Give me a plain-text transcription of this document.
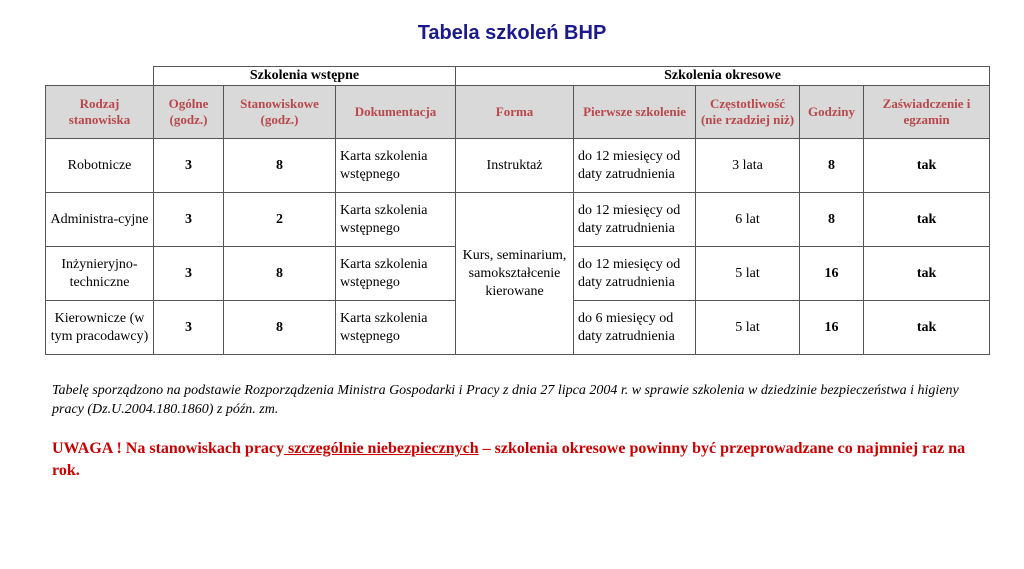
Tabela szkoleń BHP
	Szkolenia wstępne			Szkolenia okresowe				
Rodzaj stanowiska	Ogólne (godz.)	Stanowiskowe (godz.)	Dokumentacja	Forma	Pierwsze szkolenie	Częstotliwość (nie rzadziej niż)	Godziny	Zaświadczenie i egzamin
Robotnicze	3	8	Karta szkolenia wstępnego	Instruktaż	do 12 miesięcy od daty zatrudnienia	3 lata	8	tak
Administra-cyjne	3	2	Karta szkolenia wstępnego	Kurs, seminarium, samokształcenie kierowane	do 12 miesięcy od daty zatrudnienia	6 lat	8	tak
Inżynieryjno-techniczne	3	8	Karta szkolenia wstępnego		do 12 miesięcy od daty zatrudnienia	5 lat	16	tak
Kierownicze (w tym pracodawcy)	3	8	Karta szkolenia wstępnego		do 6 miesięcy od daty zatrudnienia	5 lat	16	tak
Tabelę sporządzono na podstawie Rozporządzenia Ministra Gospodarki i Pracy z dnia 27 lipca 2004 r. w sprawie szkolenia w dziedzinie bezpieczeństwa i higieny pracy (Dz.U.2004.180.1860) z późn. zm.
UWAGA ! Na stanowiskach pracy szczególnie niebezpiecznych – szkolenia okresowe powinny być przeprowadzane co najmniej raz na rok.
